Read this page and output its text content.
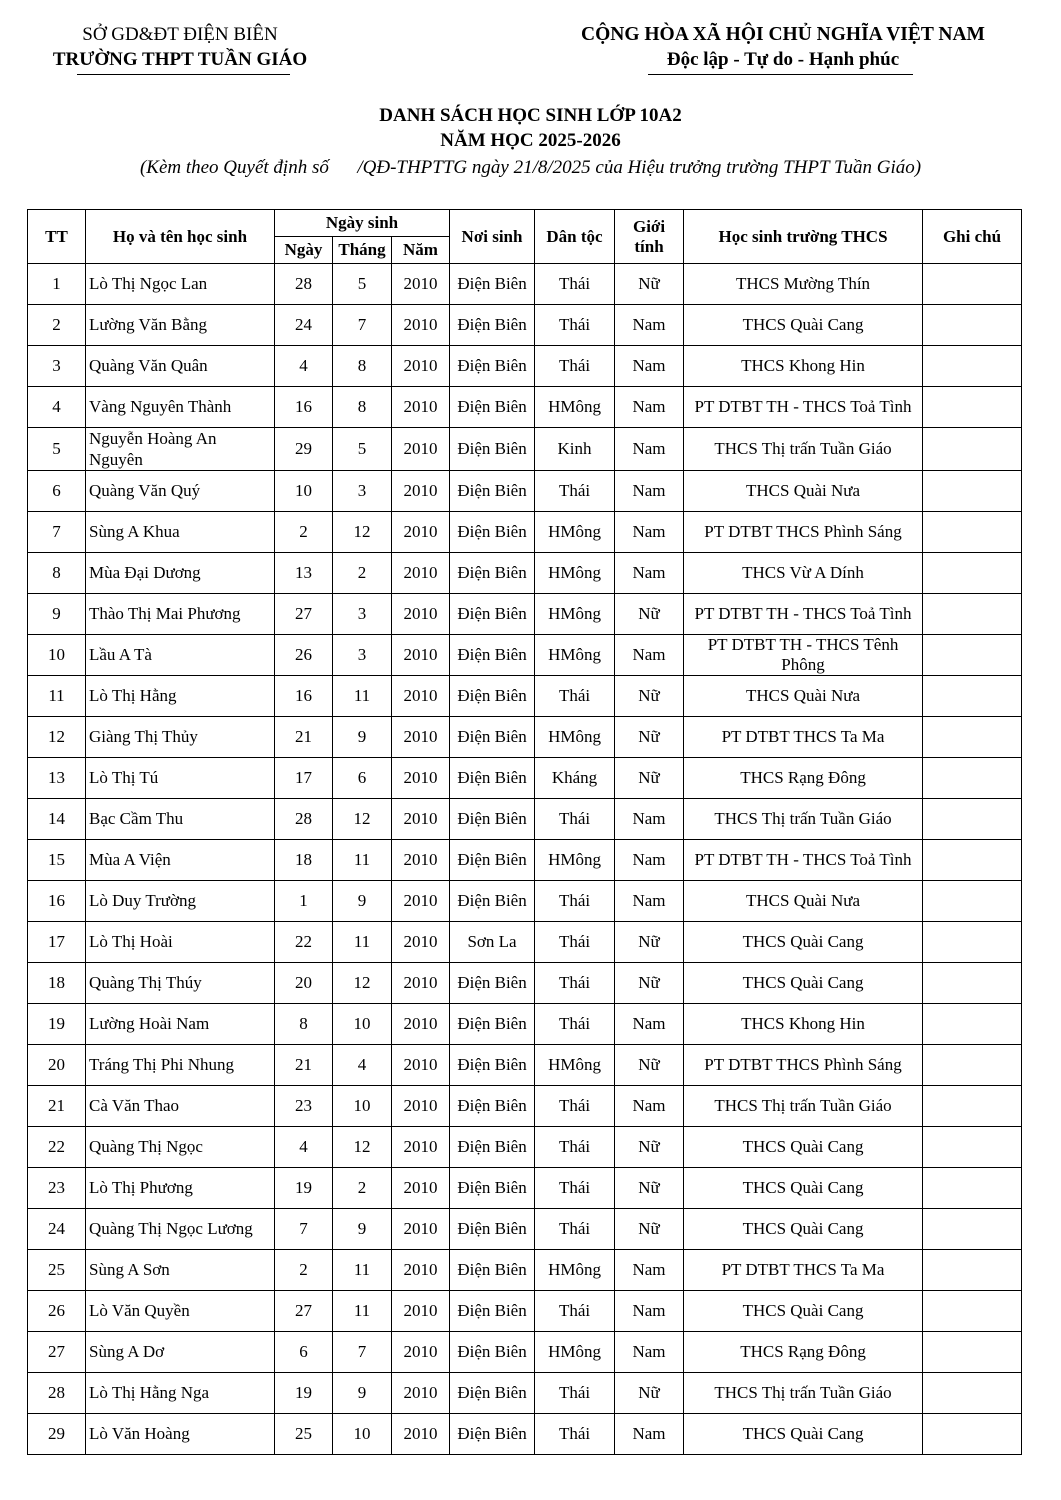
SỞ GD&ĐT ĐIỆN BIÊN
TRƯỜNG THPT TUẦN GIÁO
CỘNG HÒA XÃ HỘI CHỦ NGHĨA VIỆT NAM
Độc lập - Tự do - Hạnh phúc
DANH SÁCH HỌC SINH LỚP 10A2
NĂM HỌC 2025-2026
(Kèm theo Quyết định số      /QĐ-THPTTG ngày 21/8/2025 của Hiệu trưởng trường THPT Tuần Giáo)
TT	Họ và tên học sinh	Ngày sinh			Nơi sinh	Dân tộc	Giới tính	Học sinh trường THCS	Ghi chú
		Ngày	Tháng	Năm					
1	Lò Thị Ngọc Lan	28	5	2010	Điện Biên	Thái	Nữ	THCS Mường Thín	
2	Lường Văn Bằng	24	7	2010	Điện Biên	Thái	Nam	THCS Quài Cang	
3	Quàng Văn Quân	4	8	2010	Điện Biên	Thái	Nam	THCS Khong Hin	
4	Vàng Nguyên Thành	16	8	2010	Điện Biên	HMông	Nam	PT DTBT TH - THCS Toả Tình	
5	Nguyễn Hoàng An Nguyên	29	5	2010	Điện Biên	Kinh	Nam	THCS Thị trấn Tuần Giáo	
6	Quàng Văn Quý	10	3	2010	Điện Biên	Thái	Nam	THCS Quài Nưa	
7	Sùng A Khua	2	12	2010	Điện Biên	HMông	Nam	PT DTBT THCS Phình Sáng	
8	Mùa Đại Dương	13	2	2010	Điện Biên	HMông	Nam	THCS Vừ A Dính	
9	Thào Thị Mai Phương	27	3	2010	Điện Biên	HMông	Nữ	PT DTBT TH - THCS Toả Tình	
10	Lầu A Tà	26	3	2010	Điện Biên	HMông	Nam	PT DTBT TH - THCS Tênh Phông	
11	Lò Thị Hằng	16	11	2010	Điện Biên	Thái	Nữ	THCS Quài Nưa	
12	Giàng Thị Thủy	21	9	2010	Điện Biên	HMông	Nữ	PT DTBT THCS Ta Ma	
13	Lò Thị Tú	17	6	2010	Điện Biên	Kháng	Nữ	THCS Rạng Đông	
14	Bạc Cầm Thu	28	12	2010	Điện Biên	Thái	Nam	THCS Thị trấn Tuần Giáo	
15	Mùa A Viện	18	11	2010	Điện Biên	HMông	Nam	PT DTBT TH - THCS Toả Tình	
16	Lò Duy Trường	1	9	2010	Điện Biên	Thái	Nam	THCS Quài Nưa	
17	Lò Thị Hoài	22	11	2010	Sơn La	Thái	Nữ	THCS Quài Cang	
18	Quàng Thị Thúy	20	12	2010	Điện Biên	Thái	Nữ	THCS Quài Cang	
19	Lường Hoài Nam	8	10	2010	Điện Biên	Thái	Nam	THCS Khong Hin	
20	Tráng Thị Phi Nhung	21	4	2010	Điện Biên	HMông	Nữ	PT DTBT THCS Phình Sáng	
21	Cà Văn Thao	23	10	2010	Điện Biên	Thái	Nam	THCS Thị trấn Tuần Giáo	
22	Quàng Thị Ngọc	4	12	2010	Điện Biên	Thái	Nữ	THCS Quài Cang	
23	Lò Thị Phương	19	2	2010	Điện Biên	Thái	Nữ	THCS Quài Cang	
24	Quàng Thị Ngọc Lương	7	9	2010	Điện Biên	Thái	Nữ	THCS Quài Cang	
25	Sùng A Sơn	2	11	2010	Điện Biên	HMông	Nam	PT DTBT THCS Ta Ma	
26	Lò Văn Quyền	27	11	2010	Điện Biên	Thái	Nam	THCS Quài Cang	
27	Sùng A Dơ	6	7	2010	Điện Biên	HMông	Nam	THCS Rạng Đông	
28	Lò Thị Hằng Nga	19	9	2010	Điện Biên	Thái	Nữ	THCS Thị trấn Tuần Giáo	
29	Lò Văn Hoàng	25	10	2010	Điện Biên	Thái	Nam	THCS Quài Cang	
